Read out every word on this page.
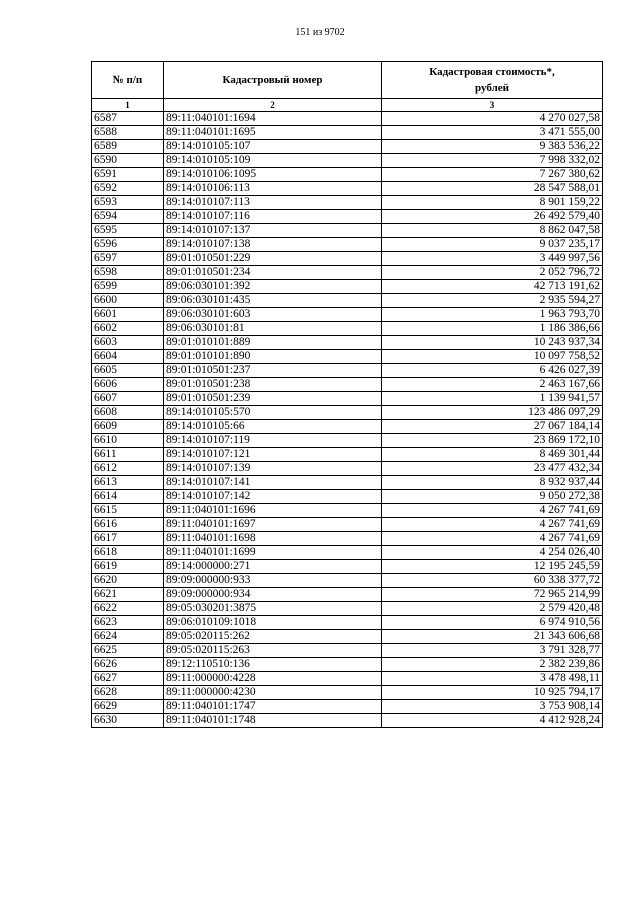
151 из 9702
№ п/п	Кадастровый номер	Кадастровая стоимость*,
рублей

1	2	3
6587	89:11:040101:1694	4 270 027,58
6588	89:11:040101:1695	3 471 555,00
6589	89:14:010105:107	9 383 536,22
6590	89:14:010105:109	7 998 332,02
6591	89:14:010106:1095	7 267 380,62
6592	89:14:010106:113	28 547 588,01
6593	89:14:010107:113	8 901 159,22
6594	89:14:010107:116	26 492 579,40
6595	89:14:010107:137	8 862 047,58
6596	89:14:010107:138	9 037 235,17
6597	89:01:010501:229	3 449 997,56
6598	89:01:010501:234	2 052 796,72
6599	89:06:030101:392	42 713 191,62
6600	89:06:030101:435	2 935 594,27
6601	89:06:030101:603	1 963 793,70
6602	89:06:030101:81	1 186 386,66
6603	89:01:010101:889	10 243 937,34
6604	89:01:010101:890	10 097 758,52
6605	89:01:010501:237	6 426 027,39
6606	89:01:010501:238	2 463 167,66
6607	89:01:010501:239	1 139 941,57
6608	89:14:010105:570	123 486 097,29
6609	89:14:010105:66	27 067 184,14
6610	89:14:010107:119	23 869 172,10
6611	89:14:010107:121	8 469 301,44
6612	89:14:010107:139	23 477 432,34
6613	89:14:010107:141	8 932 937,44
6614	89:14:010107:142	9 050 272,38
6615	89:11:040101:1696	4 267 741,69
6616	89:11:040101:1697	4 267 741,69
6617	89:11:040101:1698	4 267 741,69
6618	89:11:040101:1699	4 254 026,40
6619	89:14:000000:271	12 195 245,59
6620	89:09:000000:933	60 338 377,72
6621	89:09:000000:934	72 965 214,99
6622	89:05:030201:3875	2 579 420,48
6623	89:06:010109:1018	6 974 910,56
6624	89:05:020115:262	21 343 606,68
6625	89:05:020115:263	3 791 328,77
6626	89:12:110510:136	2 382 239,86
6627	89:11:000000:4228	3 478 498,11
6628	89:11:000000:4230	10 925 794,17
6629	89:11:040101:1747	3 753 908,14
6630	89:11:040101:1748	4 412 928,24
